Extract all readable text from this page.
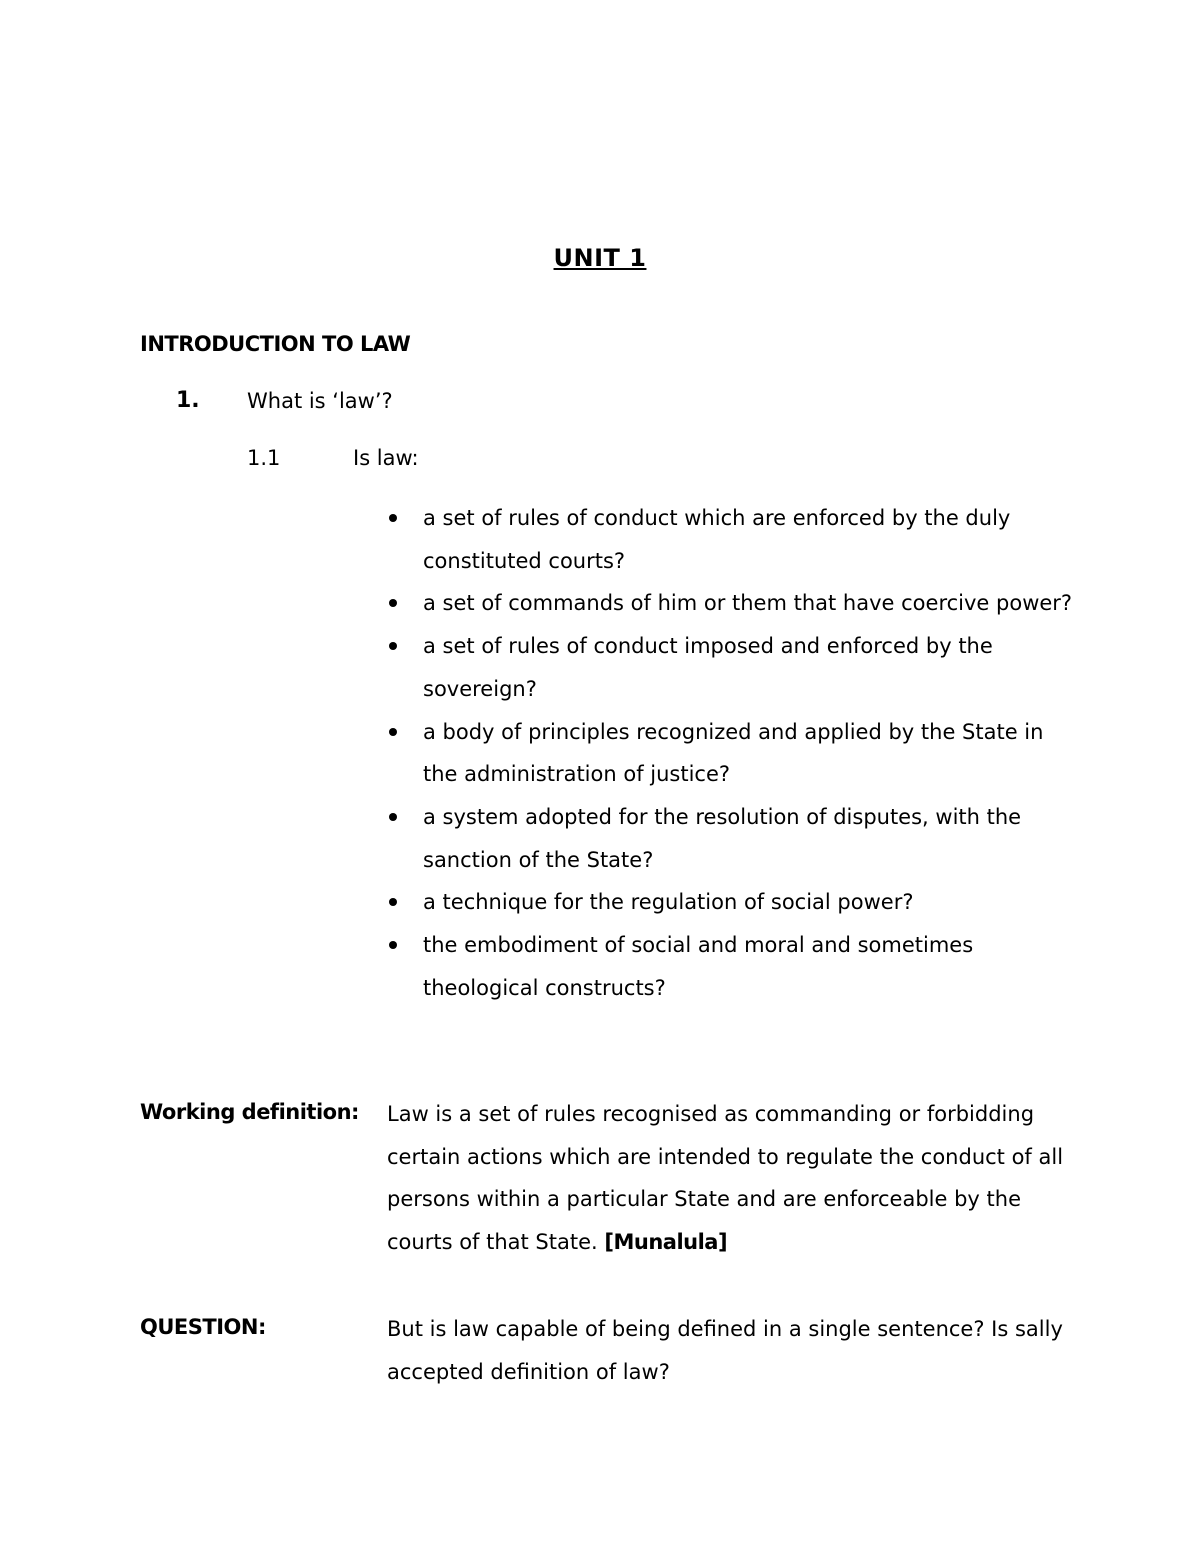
UNIT 1
INTRODUCTION TO LAW
1. What is ‘law’?
1.1	Is law:
a set of rules of conduct which are enforced by the duly constituted courts?
a set of commands of him or them that have coercive power?
a set of rules of conduct imposed and enforced by the sovereign?
a body of principles recognized and applied by the State in the administration of justice?
a system adopted for the resolution of disputes, with the sanction of the State?
a technique for the regulation of social power?
the embodiment of social and moral and sometimes theological constructs?
Working definition: Law is a set of rules recognised as commanding or forbidding certain actions which are intended to regulate the conduct of all persons within a particular State and are enforceable by the courts of that State. [Munalula]
QUESTION:	But is law capable of being defined in a single sentence? Is sally accepted definition of law?
